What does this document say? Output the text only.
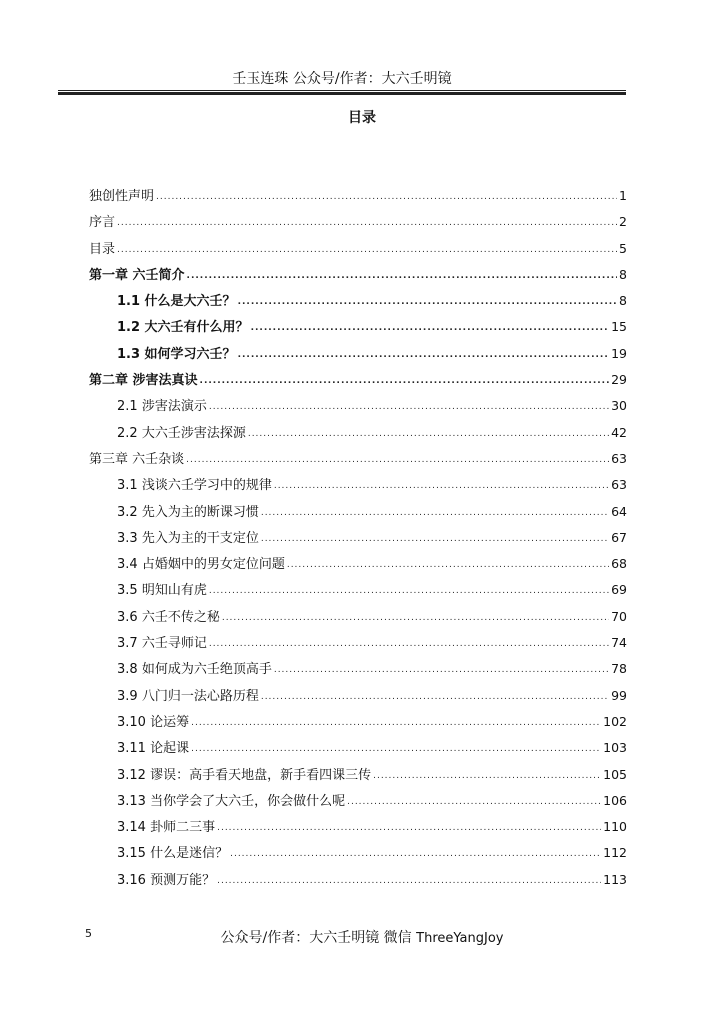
壬玉连珠 公众号/作者：大六壬明镜
目录
独创性声明 .....	1
序言 .....	2
目录 .....	5
第一章 六壬简介 .....	8
1.1 什么是大六壬？ .....	8
1.2 大六壬有什么用？ .....	15
1.3 如何学习六壬？ .....	19
第二章 涉害法真诀 .....	29
2.1 涉害法演示 .....	30
2.2 大六壬涉害法探源 .....	42
第三章 六壬杂谈 .....	63
3.1 浅谈六壬学习中的规律 .....	63
3.2 先入为主的断课习惯 .....	64
3.3 先入为主的干支定位 .....	67
3.4 占婚姻中的男女定位问题 .....	68
3.5 明知山有虎 .....	69
3.6 六壬不传之秘 .....	70
3.7 六壬寻师记 .....	74
3.8 如何成为六壬绝顶高手 .....	78
3.9 八门归一法心路历程 .....	99
3.10 论运筹 .....	102
3.11 论起课 .....	103
3.12 谬误：高手看天地盘，新手看四课三传 .....	105
3.13 当你学会了大六壬，你会做什么呢 .....	106
3.14 卦师二三事 .....	110
3.15 什么是迷信？ .....	112
3.16 预测万能？ .....	113
5	公众号/作者：大六壬明镜 微信 ThreeYangJoy
